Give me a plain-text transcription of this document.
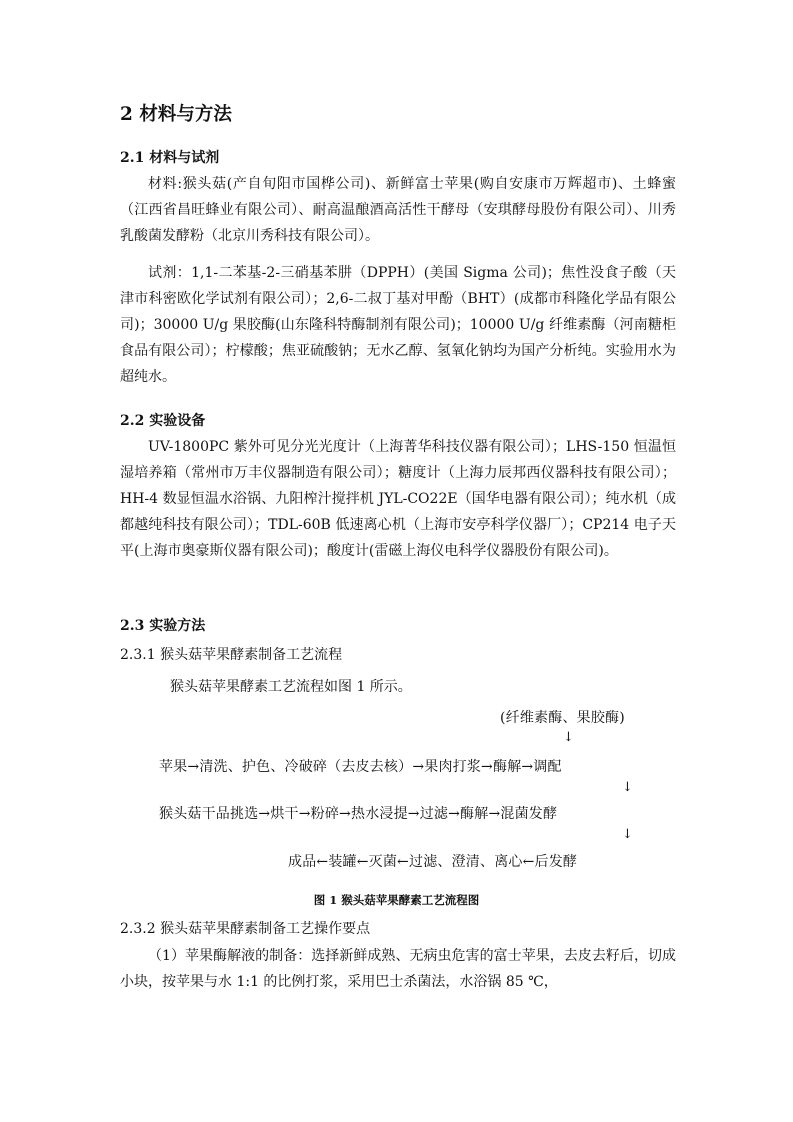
2 材料与方法
2.1 材料与试剂

材料:猴头菇(产自旬阳市国桦公司)、新鲜富士苹果(购自安康市万辉超市)、土蜂蜜（江西省昌旺蜂业有限公司）、耐高温酿酒高活性干酵母（安琪酵母股份有限公司）、川秀乳酸菌发酵粉（北京川秀科技有限公司）。

试剂：1,1-二苯基-2-三硝基苯肼（DPPH）(美国 Sigma 公司)；焦性没食子酸（天津市科密欧化学试剂有限公司）；2,6-二叔丁基对甲酚（BHT）(成都市科隆化学品有限公司)；30000 U/g 果胶酶(山东隆科特酶制剂有限公司)；10000 U/g 纤维素酶（河南糖柜食品有限公司）；柠檬酸；焦亚硫酸钠；无水乙醇、氢氧化钠均为国产分析纯。实验用水为超纯水。

2.2 实验设备

UV-1800PC 紫外可见分光光度计（上海菁华科技仪器有限公司）；LHS-150 恒温恒湿培养箱（常州市万丰仪器制造有限公司）；糖度计（上海力辰邦西仪器科技有限公司）；HH-4 数显恒温水浴锅、九阳榨汁搅拌机 JYL-CO22E（国华电器有限公司）；纯水机（成都越纯科技有限公司）；TDL-60B 低速离心机（上海市安亭科学仪器厂）；CP214 电子天平(上海市奥豪斯仪器有限公司)；酸度计(雷磁上海仪电科学仪器股份有限公司)。

2.3 实验方法
2.3.1 猴头菇苹果酵素制备工艺流程
猴头菇苹果酵素工艺流程如图 1 所示。
(纤维素酶、果胶酶)
↓
苹果→清洗、护色、冷破碎（去皮去核）→果肉打浆→酶解→调配
↓
猴头菇干品挑选→烘干→粉碎→热水浸提→过滤→酶解→混菌发酵
↓
成品←装罐←灭菌←过滤、澄清、离心←后发酵
图 1 猴头菇苹果酵素工艺流程图
2.3.2 猴头菇苹果酵素制备工艺操作要点

（1）苹果酶解液的制备：选择新鲜成熟、无病虫危害的富士苹果，去皮去籽后，切成小块，按苹果与水 1:1 的比例打浆，采用巴士杀菌法，水浴锅 85 ℃，
